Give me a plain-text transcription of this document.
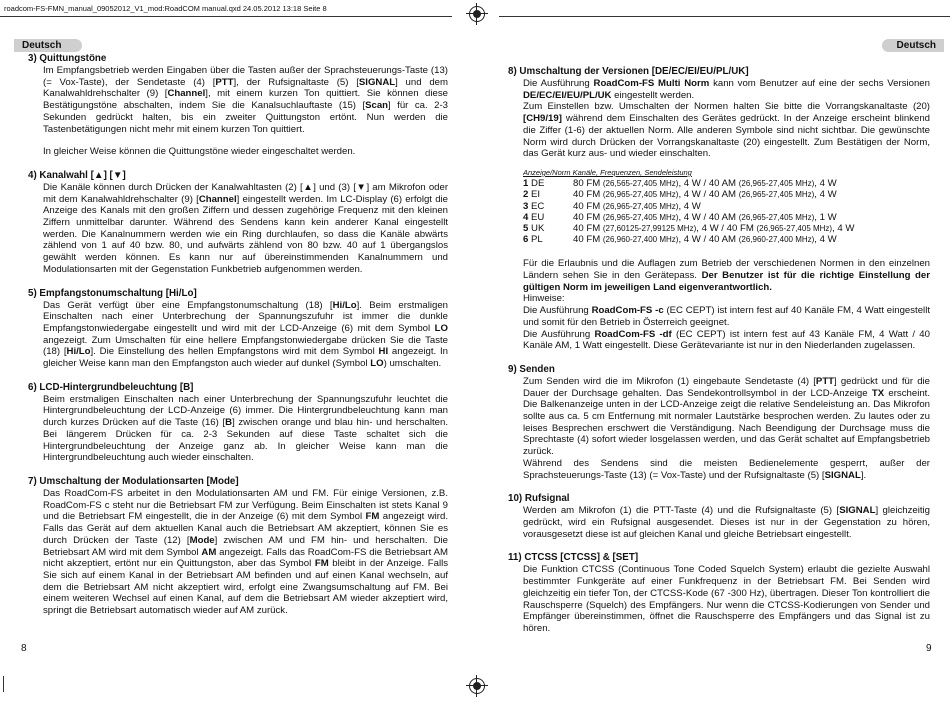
roadcom-FS-FMN_manual_09052012_V1_mod:RoadCOM manual.qxd 24.05.2012 13:18 Seite 8
Deutsch	Deutsch
3) Quittungstöne

Im Empfangsbetrieb werden Eingaben über die Tasten außer der Sprachsteuerungs-Taste (13) (= Vox-Taste), der Sendetaste (4) [PTT], der Rufsignaltaste (5) [SIGNAL] und dem Kanalwahldrehschalter (9) [Channel], mit einem kurzen Ton quittiert. Sie können diese Bestätigungstöne abschalten, indem Sie die Kanalsuchlauftaste (15) [Scan] für ca. 2-3 Sekunden gedrückt halten, bis ein zweiter Quittungston ertönt. Nun werden die Tastenbetätigungen nicht mehr mit einem kurzen Ton quittiert.

In gleicher Weise können die Quittungstöne wieder eingeschaltet werden.

4) Kanalwahl [▲] [▼]

Die Kanäle können durch Drücken der Kanalwahltasten (2) [▲] und (3) [▼] am Mikrofon oder mit dem Kanalwahldrehschalter (9) [Channel] eingestellt werden. Im LC-Display (6) erfolgt die Anzeige des Kanals mit den großen Ziffern und dessen zugehörige Frequenz mit den kleinen Ziffern unmittelbar darunter. Während des Sendens kann kein anderer Kanal eingestellt werden. Die Kanalnummern werden wie ein Ring durchlaufen, so dass die Kanäle abwärts zählend von 1 auf 40 bzw. 80, und aufwärts zählend von 80 bzw. 40 auf 1 übergangslos gewählt werden können. Es kann nur auf übereinstimmenden Kanalnummern und Modulationsarten mit der Gegenstation Funkbetrieb aufgenommen werden.

5) Empfangstonumschaltung [Hi/Lo]

Das Gerät verfügt über eine Empfangstonumschaltung (18) [Hi/Lo]. Beim erstmaligen Einschalten nach einer Unterbrechung der Spannungszufuhr ist immer die dunkle Empfangstonwiedergabe eingestellt und wird mit der LCD-Anzeige (6) mit dem Symbol LO angezeigt. Zum Umschalten für eine hellere Empfangstonwiedergabe drücken Sie die Taste (18) [Hi/Lo]. Die Einstellung des hellen Empfangstons wird mit dem Symbol HI angezeigt. In gleicher Weise kann man den Empfangston auch wieder auf dunkel (Symbol LO) umschalten.

6) LCD-Hintergrundbeleuchtung [B]

Beim erstmaligen Einschalten nach einer Unterbrechung der Spannungszufuhr leuchtet die Hintergrundbeleuchtung der LCD-Anzeige (6) immer. Die Hintergrundbeleuchtung kann man durch kurzes Drücken auf die Taste (16) [B] zwischen orange und blau hin- und herschalten. Bei längerem Drücken für ca. 2-3 Sekunden auf diese Taste schaltet sich die Hintergrundbeleuchtung der Anzeige ganz ab. In gleicher Weise kann man die Hintergrundbeleuchtung auch wieder einschalten.

7) Umschaltung der Modulationsarten [Mode]

Das RoadCom-FS arbeitet in den Modulationsarten AM und FM. Für einige Versionen, z.B. RoadCom-FS c steht nur die Betriebsart FM zur Verfügung. Beim Einschalten ist stets Kanal 9 und die Betriebsart FM eingestellt, die in der Anzeige (6) mit dem Symbol FM angezeigt wird. Falls das Gerät auf dem aktuellen Kanal auch die Betriebsart AM akzeptiert, können Sie es durch Drücken der Taste (12) [Mode] zwischen AM und FM hin- und herschalten. Die Betriebsart AM wird mit dem Symbol AM angezeigt. Falls das RoadCom-FS die Betriebsart AM nicht akzeptiert, ertönt nur ein Quittungston, aber das Symbol FM bleibt in der Anzeige. Falls Sie sich auf einem Kanal in der Betriebsart AM befinden und auf einen Kanal wechseln, auf dem die Betriebsart AM nicht akzeptiert wird, erfolgt eine Zwangsumschaltung auf FM. Bei einem weiteren Wechsel auf einen Kanal, auf dem die Betriebsart AM wieder akzeptiert wird, springt die Betriebsart automatisch wieder auf AM zurück.

8) Umschaltung der Versionen [DE/EC/EI/EU/PL/UK]
Die Ausführung RoadCom-FS Multi Norm kann vom Benutzer auf eine der sechs Versionen DE/EC/EI/EU/PL/UK eingestellt werden.
Zum Einstellen bzw. Umschalten der Normen halten Sie bitte die Vorrangskanaltaste (20) [CH9/19] während dem Einschalten des Gerätes gedrückt. In der Anzeige erscheint blinkend die Ziffer (1-6) der aktuellen Norm. Alle anderen Symbole sind nicht sichtbar. Die gewünschte Norm wird durch Drücken der Vorrangskanaltaste (20) eingestellt. Zum Bestätigen der Norm, das Gerät kurz aus- und wieder einschalten.
Anzeige/Norm Kanäle, Frequenzen, Sendeleistung	
1 DE	80 FM (26,565-27,405 MHz), 4 W / 40 AM (26,965-27,405 MHz), 4 W
2 EI	40 FM (26,965-27,405 MHz), 4 W / 40 AM (26,965-27,405 MHz), 4 W
3 EC	40 FM (26,965-27,405 MHz), 4 W
4 EU	40 FM (26,965-27,405 MHz), 4 W / 40 AM (26,965-27,405 MHz), 1 W
5 UK	40 FM (27,60125-27,99125 MHz), 4 W / 40 FM (26,965-27,405 MHz), 4 W
6 PL	40 FM (26,960-27,400 MHz), 4 W / 40 AM (26,960-27,400 MHz), 4 W
Für die Erlaubnis und die Auflagen zum Betrieb der verschiedenen Normen in den einzelnen Ländern sehen Sie in den Gerätepass. Der Benutzer ist für die richtige Einstellung der gültigen Norm im jeweiligen Land eigenverantwortlich.
Hinweise:
Die Ausführung RoadCom-FS -c (EC CEPT) ist intern fest auf 40 Kanäle FM, 4 Watt eingestellt und somit für den Betrieb in Österreich geeignet.
Die Ausführung RoadCom-FS -df (EC CEPT) ist intern fest auf 43 Kanäle FM, 4 Watt / 40 Kanäle AM, 1 Watt eingestellt. Diese Gerätevariante ist nur in den Niederlanden zugelassen.
9) Senden
Zum Senden wird die im Mikrofon (1) eingebaute Sendetaste (4) [PTT] gedrückt und für die Dauer der Durchsage gehalten. Das Sendekontrollsymbol in der LCD-Anzeige TX erscheint. Die Balkenanzeige unten in der LCD-Anzeige zeigt die relative Sendeleistung an. Das Mikrofon sollte aus ca. 5 cm Entfernung mit normaler Lautstärke besprochen werden. Zu lautes oder zu leises Besprechen erschwert die Verständigung. Nach Beendigung der Durchsage muss die Sprechtaste (4) sofort wieder losgelassen werden, und das Gerät schaltet auf Empfangsbetrieb zurück.
Während des Sendens sind die meisten Bedienelemente gesperrt, außer der Sprachsteuerungs-Taste (13) (= Vox-Taste) und der Rufsignaltaste (5) [SIGNAL].
10) Rufsignal
Werden am Mikrofon (1) die PTT-Taste (4) und die Rufsignaltaste (5) [SIGNAL] gleichzeitig gedrückt, wird ein Rufsignal ausgesendet. Dieses ist nur in der Gegenstation zu hören, vorausgesetzt diese ist auf gleichen Kanal und gleiche Betriebsart eingestellt.
11) CTCSS [CTCSS] & [SET]
Die Funktion CTCSS (Continuous Tone Coded Squelch System) erlaubt die gezielte Auswahl bestimmter Funkgeräte auf einer Funkfrequenz in der Betriebsart FM. Bei Senden wird gleichzeitig ein tiefer Ton, der CTCSS-Kode (67 -300 Hz), übertragen. Dieser Ton kontrolliert die Rauschsperre (Squelch) des Empfängers. Nur wenn die CTCSS-Kodierungen von Sender und Empfänger übereinstimmen, öffnet die Rauschsperre des Empfängers und das Signal ist zu hören.
8	9
